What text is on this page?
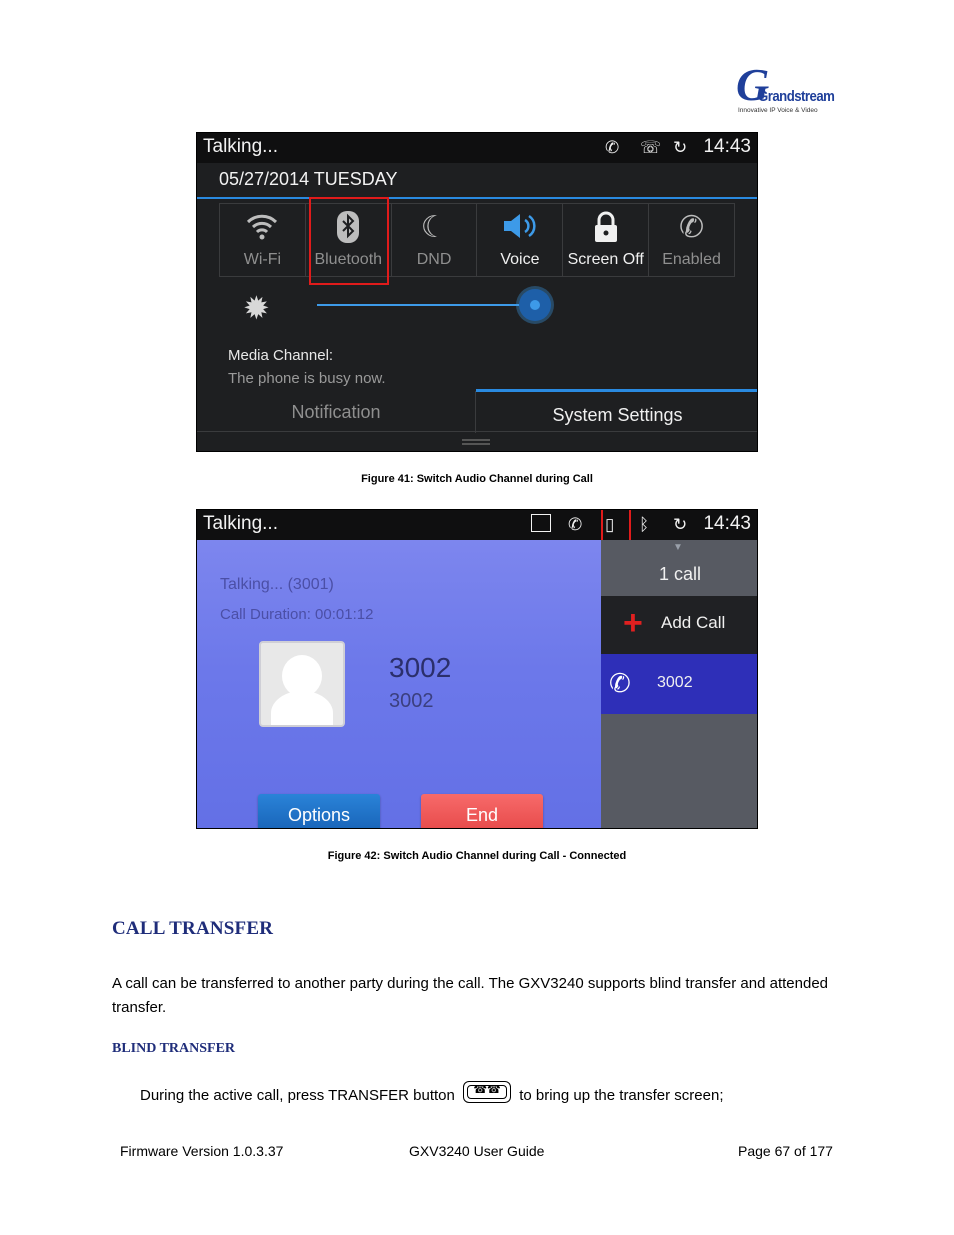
G
Grandstream
Innovative IP Voice & Video
Talking...	✆ ☏ ↻ 14:43
05/27/2014 TUESDAY
Wi-Fi	Bluetooth
☾
DND	Voice	Screen Off
✆
Enabled
✹
Media Channel:
The phone is busy now.
Notification	System Settings
Figure 41: Switch Audio Channel during Call
Talking...	✆ ▯ ᛒ ↻ 14:43
Talking... (3001)
Call Duration: 00:01:12
3002
3002
Options	End
▼
1 call
+ Add Call
✆ 3002
Figure 42: Switch Audio Channel during Call - Connected
CALL TRANSFER
A call can be transferred to another party during the call. The GXV3240 supports blind transfer and attended transfer.
BLIND TRANSFER
During the active call, press TRANSFER button	☎☎	to bring up the transfer screen;
Firmware Version 1.0.3.37	GXV3240 User Guide	Page 67 of 177
